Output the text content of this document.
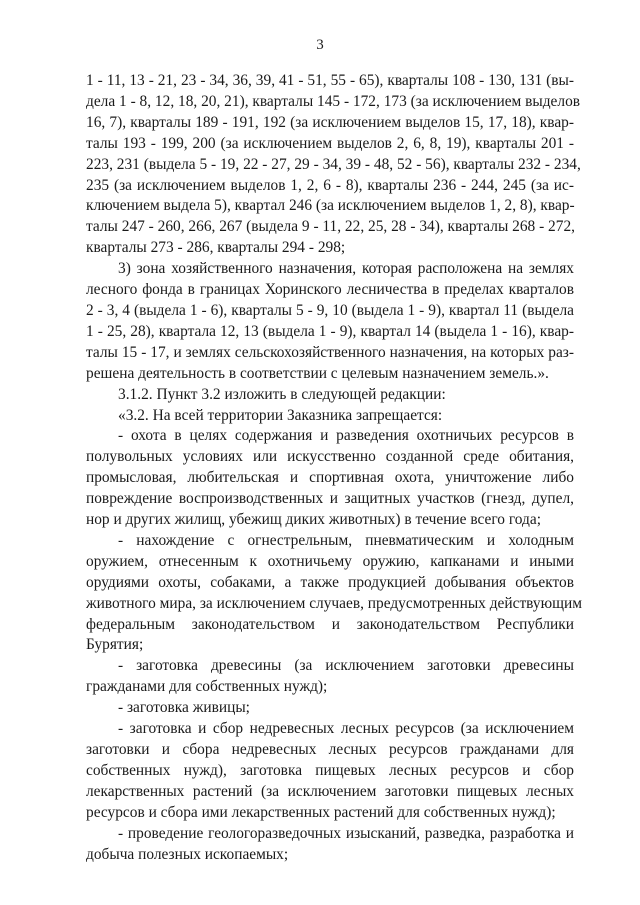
3

1 - 11, 13 - 21, 23 - 34, 36, 39, 41 - 51, 55 - 65), кварталы 108 - 130, 131 (вы-

дела 1 - 8, 12, 18, 20, 21), кварталы 145 - 172, 173 (за исключением выделов

16, 7), кварталы 189 - 191, 192 (за исключением выделов 15, 17, 18), квар-

талы 193 - 199, 200 (за исключением выделов 2, 6, 8, 19), кварталы 201 -

223, 231 (выдела 5 - 19, 22 - 27, 29 - 34, 39 - 48, 52 - 56), кварталы 232 - 234,

235 (за исключением выделов 1, 2, 6 - 8), кварталы 236 - 244, 245 (за ис-

ключением выдела 5), квартал 246 (за исключением выделов 1, 2, 8), квар-

талы 247 - 260, 266, 267 (выдела 9 - 11, 22, 25, 28 - 34), кварталы 268 - 272,

кварталы 273 - 286, кварталы 294 - 298;

3) зона хозяйственного назначения, которая расположена на землях

лесного фонда в границах Хоринского лесничества в пределах кварталов

2 - 3, 4 (выдела 1 - 6), кварталы 5 - 9, 10 (выдела 1 - 9), квартал 11 (выдела

1 - 25, 28), квартала 12, 13 (выдела 1 - 9), квартал 14 (выдела 1 - 16), квар-

талы 15 - 17, и землях сельскохозяйственного назначения, на которых раз-

решена деятельность в соответствии с целевым назначением земель.».

3.1.2. Пункт 3.2 изложить в следующей редакции:

«3.2. На всей территории Заказника запрещается:

- охота в целях содержания и разведения охотничьих ресурсов в

полувольных условиях или искусственно созданной среде обитания,

промысловая, любительская и спортивная охота, уничтожение либо

повреждение воспроизводственных и защитных участков (гнезд, дупел,

нор и других жилищ, убежищ диких животных) в течение всего года;

- нахождение с огнестрельным, пневматическим и холодным

оружием, отнесенным к охотничьему оружию, капканами и иными

орудиями охоты, собаками, а также продукцией добывания объектов

животного мира, за исключением случаев, предусмотренных действующим

федеральным законодательством и законодательством Республики

Бурятия;

- заготовка древесины (за исключением заготовки древесины

гражданами для собственных нужд);

- заготовка живицы;

- заготовка и сбор недревесных лесных ресурсов (за исключением

заготовки и сбора недревесных лесных ресурсов гражданами для

собственных нужд), заготовка пищевых лесных ресурсов и сбор

лекарственных растений (за исключением заготовки пищевых лесных

ресурсов и сбора ими лекарственных растений для собственных нужд);

- проведение геологоразведочных изысканий, разведка, разработка и

добыча полезных ископаемых;
